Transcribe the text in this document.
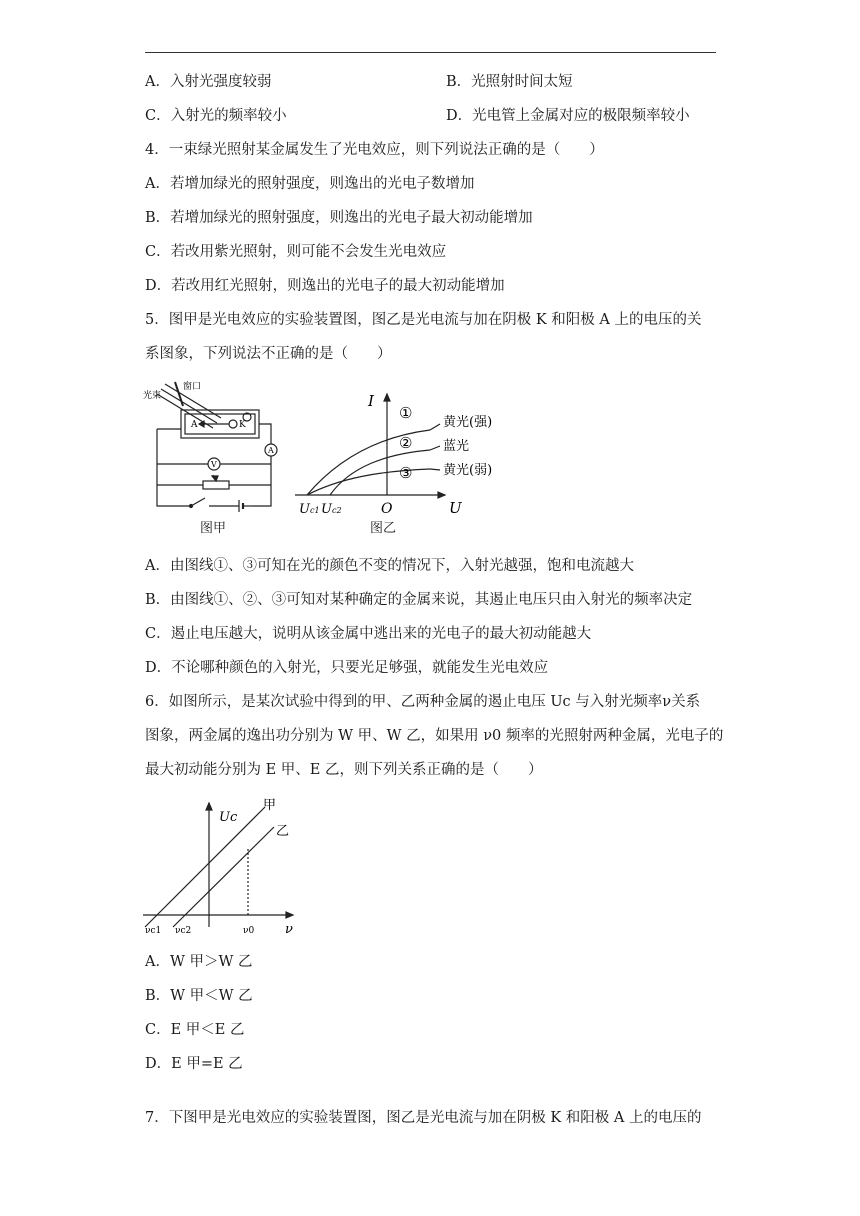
A．入射光强度较弱	B．光照射时间太短
C．入射光的频率较小	D．光电管上金属对应的极限频率较小
4．一束绿光照射某金属发生了光电效应，则下列说法正确的是（　　）
A．若增加绿光的照射强度，则逸出的光电子数增加
B．若增加绿光的照射强度，则逸出的光电子最大初动能增加
C．若改用紫光照射，则可能不会发生光电效应
D．若改用红光照射，则逸出的光电子的最大初动能增加
5．图甲是光电效应的实验装置图，图乙是光电流与加在阴极 K 和阳极 A 上的电压的关
系图象，下列说法不正确的是（　　）
光束
窗口
A	K
A
V
图甲
I
U
O
Uc1 Uc2
①
②
③
黄光(强)
蓝光
黄光(弱)
图乙
A．由图线①、③可知在光的颜色不变的情况下，入射光越强，饱和电流越大
B．由图线①、②、③可知对某种确定的金属来说，其遏止电压只由入射光的频率决定
C．遏止电压越大，说明从该金属中逃出来的光电子的最大初动能越大
D．不论哪种颜色的入射光，只要光足够强，就能发生光电效应
6．如图所示，是某次试验中得到的甲、乙两种金属的遏止电压 Uc 与入射光频率ν关系
图象，两金属的逸出功分别为 W 甲、W 乙，如果用 ν0 频率的光照射两种金属，光电子的
最大初动能分别为 E 甲、E 乙，则下列关系正确的是（　　）
Uc
ν
甲
乙
νc1 νc2	ν0
A．W 甲＞W 乙
B．W 甲＜W 乙
C．E 甲＜E 乙
D．E 甲=E 乙
7．下图甲是光电效应的实验装置图，图乙是光电流与加在阴极 K 和阳极 A 上的电压的
